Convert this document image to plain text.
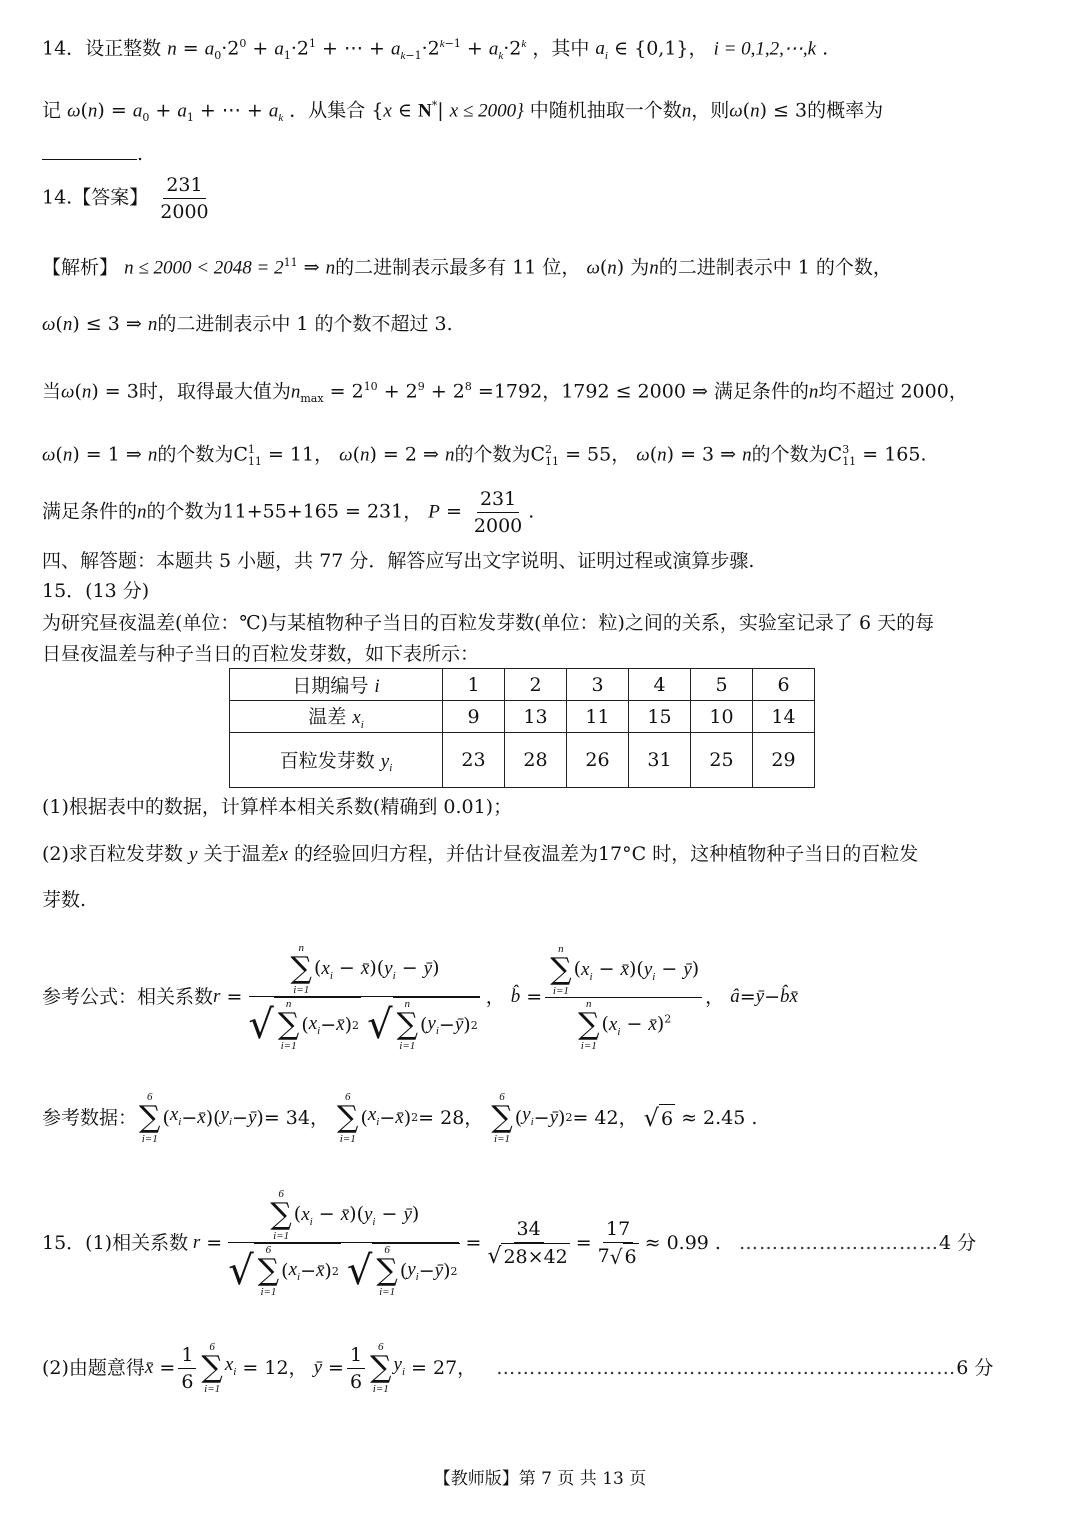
14．设正整数 $n = a_0\cdot 2^0 + a_1\cdot 2^1$ + ⋯ + $a_{k-1}\cdot 2^{k-1} + a_k\cdot 2^k$ ，其中 $a_i$ ∈ {0,1}， i = 0,1,2,⋯,k .
记 $\omega(n) = a_0 + a_1$ + ⋯ + $a_k$ ．从集合 {x ∈ N*| x ≤ 2000} 中随机抽取一个数n，则ω(n) ≤ 3的概率为
.
14.【答案】 $\frac{231}{2000}$
【解析】 $n \le 2000 < 2048 = 2^{11}$ ⇒ n的二进制表示最多有 11 位， ω(n) 为n的二进制表示中 1 的个数，
ω(n) ≤ 3 ⇒ n的二进制表示中 1 的个数不超过 3.
当ω(n) = 3时，取得最大值为$n_{max} = 2^{10} + 2^9 + 2^8 =1792$，1792 ≤ 2000 ⇒ 满足条件的n均不超过 2000，
ω(n) = 1 ⇒ n的个数为$C^1_{11} = 11$， ω(n) = 2 ⇒ n的个数为$C^2_{11} = 55$， ω(n) = 3 ⇒ n的个数为$C^3_{11} = 165$.
满足条件的n的个数为11+55+165 = 231， $P = \frac{231}{2000}$ .
四、解答题：本题共 5 小题，共 77 分．解答应写出文字说明、证明过程或演算步骤.
15．(13 分)
为研究昼夜温差(单位：℃)与某植物种子当日的百粒发芽数(单位：粒)之间的关系，实验室记录了 6 天的每
日昼夜温差与种子当日的百粒发芽数，如下表所示：
日期编号 i	1	2	3	4	5	6
温差 $x_i$	9	13	11	15	10	14
百粒发芽数 $y_i$	23	28	26	31	25	29
(1)根据表中的数据，计算样本相关系数(精确到 0.01)；
(2)求百粒发芽数 y 关于温差x 的经验回归方程，并估计昼夜温差为17°C 时，这种植物种子当日的百粒发
芽数.
参考公式：相关系数 r = n
∑
i=1
($x_i$ − $x̄)(y_i$ − ȳ)
√ n
∑
i=1
( $x_i$ − x̄ ) 2
√ n
∑
i=1
( $y_i$ − ȳ ) 2 ， b̂ = n
∑
i=1
($x_i$ − $x̄)(y_i$ − ȳ)
n
∑
i=1
($x_i$ − x̄)$^2$ ， â = ȳ − b̂x̄
参考数据：
6
∑
i=1
( $x_i$ − x̄ )( $y_i$ − ȳ ) = 34，

6
∑
i=1
( $x_i$ − x̄ ) 2 = 28，

6
∑
i=1
( $y_i$ − ȳ ) 2 = 42，
√ 6
≈ 2.45 .
15．(1)相关系数 r = 6
∑
i=1
($x_i$ − $x̄)(y_i$ − ȳ)
√ 6
∑
i=1
( $x_i$ − x̄ ) 2
√ 6
∑
i=1
( $y_i$ − ȳ ) $2 = \frac{34}{√ 28\times 42} = \frac{17}{7 √ 6} \approx 0.99$ . ………………………… 4 分
(2)由题意得 x̄ = $\frac{1}{6} 6$
∑
i=1
$x_i$
= 12，
ȳ = $\frac{1}{6} 6$
∑
i=1
$y_i$
= 27， …………………………………………………………… 6 分
【教师版】第 7 页 共 13 页
